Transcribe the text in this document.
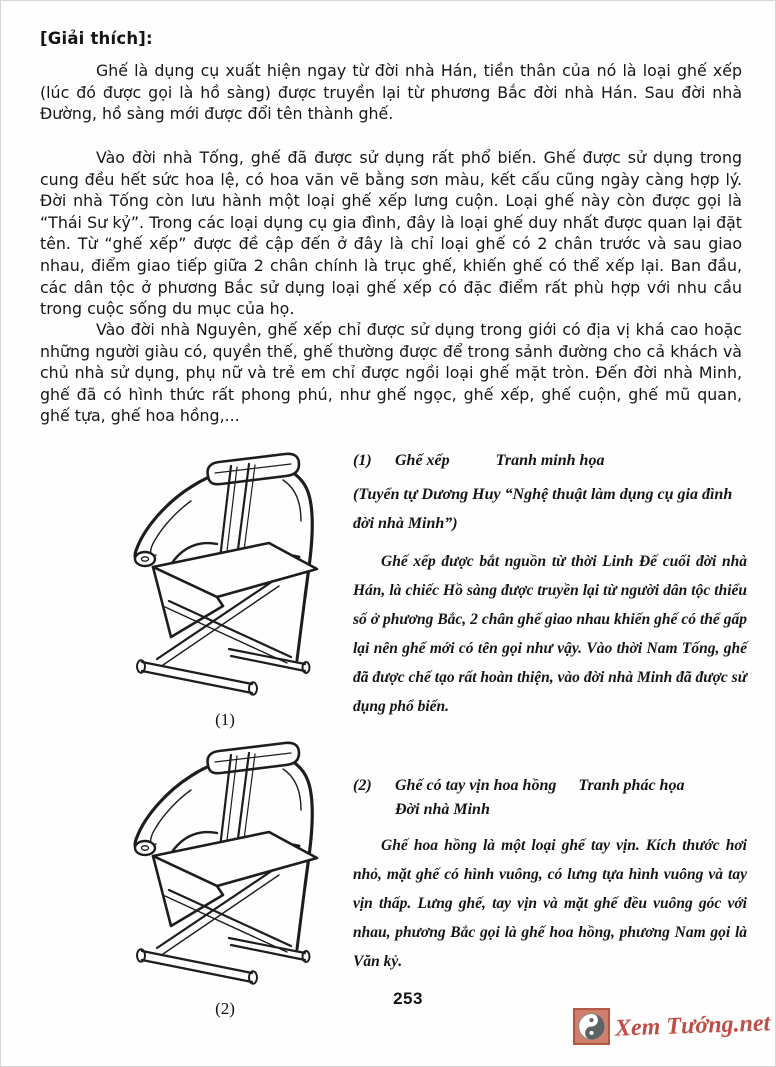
[Giải thích]:

Ghế là dụng cụ xuất hiện ngay từ đời nhà Hán, tiền thân của nó là loại ghế xếp (lúc đó được gọi là hồ sàng) được truyền lại từ phương Bắc đời nhà Hán. Sau đời nhà Đường, hồ sàng mới được đổi tên thành ghế.

Vào đời nhà Tống, ghế đã được sử dụng rất phổ biến. Ghế được sử dụng trong cung đều hết sức hoa lệ, có hoa văn vẽ bằng sơn màu, kết cấu cũng ngày càng hợp lý. Đời nhà Tống còn lưu hành một loại ghế xếp lưng cuộn. Loại ghế này còn được gọi là “Thái Sư kỷ”. Trong các loại dụng cụ gia đình, đây là loại ghế duy nhất được quan lại đặt tên. Từ “ghế xếp” được đề cập đến ở đây là chỉ loại ghế có 2 chân trước và sau giao nhau, điểm giao tiếp giữa 2 chân chính là trục ghế, khiến ghế có thể xếp lại. Ban đầu, các dân tộc ở phương Bắc sử dụng loại ghế xếp có đặc điểm rất phù hợp với nhu cầu trong cuộc sống du mục của họ.

Vào đời nhà Nguyên, ghế xếp chỉ được sử dụng trong giới có địa vị khá cao hoặc những người giàu có, quyền thế, ghế thường được để trong sảnh đường cho cả khách và chủ nhà sử dụng, phụ nữ và trẻ em chỉ được ngồi loại ghế mặt tròn. Đến đời nhà Minh, ghế đã có hình thức rất phong phú, như ghế ngọc, ghế xếp, ghế cuộn, ghế mũ quan, ghế tựa, ghế hoa hồng,...

(1)
(1)	Ghế xếp	Tranh minh họa
(Tuyển tự Dương Huy “Nghệ thuật làm dụng cụ gia đình đời nhà Minh”)

Ghế xếp được bắt nguồn từ thời Linh Đế cuối đời nhà Hán, là chiếc Hồ sàng được truyền lại từ người dân tộc thiểu số ở phương Bắc, 2 chân ghế giao nhau khiến ghế có thể gấp lại nên ghế mới có tên gọi như vậy. Vào thời Nam Tống, ghế đã được chế tạo rất hoàn thiện, vào đời nhà Minh đã được sử dụng phổ biến.

(2)
(2)	Ghế có tay vịn hoa hồng Tranh phác họa
Đời nhà Minh

Ghế hoa hồng là một loại ghế tay vịn. Kích thước hơi nhỏ, mặt ghế có hình vuông, có lưng tựa hình vuông và tay vịn thấp. Lưng ghế, tay vịn và mặt ghế đều vuông góc với nhau, phương Bắc gọi là ghế hoa hồng, phương Nam gọi là Văn kỷ.

253
Xem Tướng.net
